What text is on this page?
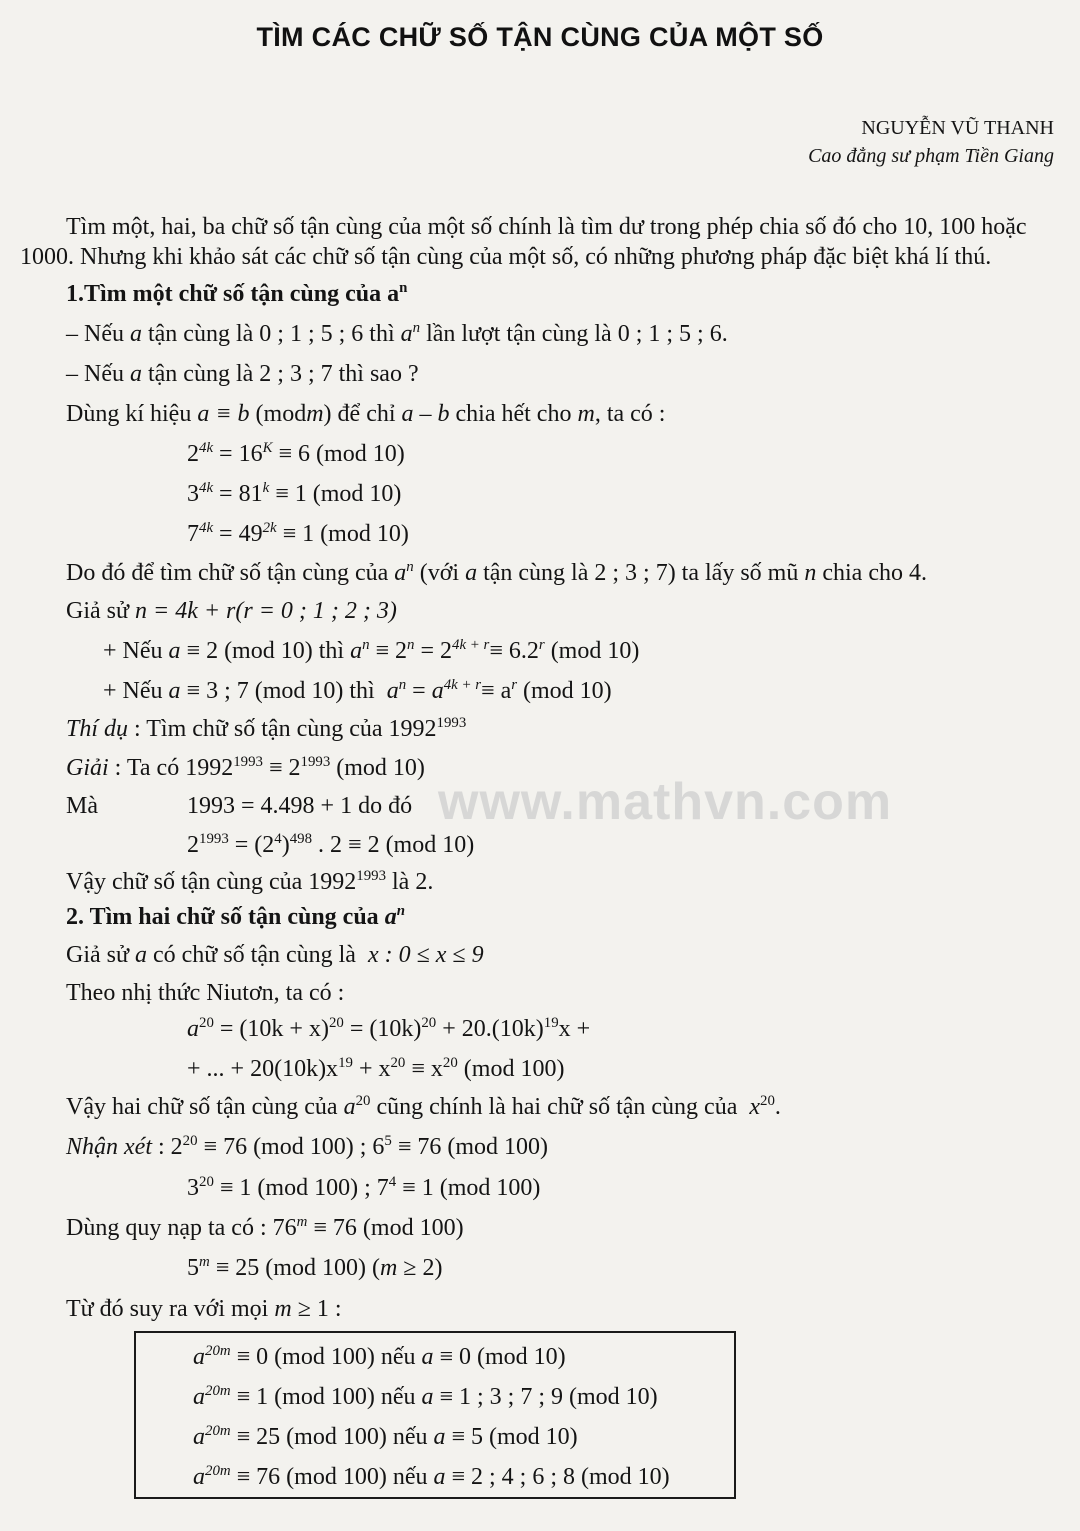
www.mathvn.com
TÌM CÁC CHỮ SỐ TẬN CÙNG CỦA MỘT SỐ
NGUYỄN VŨ THANH
Cao đẳng sư phạm Tiền Giang
Tìm một, hai, ba chữ số tận cùng của một số chính là tìm dư trong phép chia số đó cho 10, 100 hoặc
1000. Nhưng khi khảo sát các chữ số tận cùng của một số, có những phương pháp đặc biệt khá lí thú.
1.Tìm một chữ số tận cùng của $a^n$
– Nếu a tận cùng là 0 ; 1 ; 5 ; 6 thì $a^n$ lần lượt tận cùng là 0 ; 1 ; 5 ; 6.
– Nếu a tận cùng là 2 ; 3 ; 7 thì sao ?
Dùng kí hiệu a ≡ b (modm) để chỉ a – b chia hết cho m, ta có :
$2^{4k} = 16^K \equiv 6$ (mod 10)
$3^{4k} = 81^k \equiv 1$ (mod 10)
$7^{4k} = 49^{2k} \equiv 1$ (mod 10)
Do đó để tìm chữ số tận cùng của $a^n$ (với a tận cùng là 2 ; 3 ; 7) ta lấy số mũ n chia cho 4.
Giả sử n = 4k + r(r = 0 ; 1 ; 2 ; 3)
+ Nếu a ≡ 2 (mod 10) thì $a^n \equiv 2^n = 2^{4k + r}\equiv 6.2^r$ (mod 10)
+ Nếu a ≡ 3 ; 7 (mod 10) thì $a^n = a^{4k + r}\equiv a^r$ (mod 10)
Thí dụ : Tìm chữ số tận cùng của $1992^{1993}$
Giải : Ta có $1992^{1993} \equiv 2^{1993}$ (mod 10)
Mà	1993 = 4.498 + 1 do đó
$2^{1993} = (2^4)^{498}$ . 2 ≡ 2 (mod 10)
Vậy chữ số tận cùng của $1992^{1993}$ là 2.
2. Tìm hai chữ số tận cùng của $a^n$
Giả sử a có chữ số tận cùng là x : 0 ≤ x ≤ 9
Theo nhị thức Niutơn, ta có :
$a^{20} = (10k + x)^{20} = (10k)^{20} + 20.(10k)^{19}x$ +
+ ... + $20(10k)x^{19} + x^{20} \equiv x^{20}$ (mod 100)
Vậy hai chữ số tận cùng của $a^{20}$ cũng chính là hai chữ số tận cùng của $x^{20}$.
Nhận xét : $2^{20} \equiv 76$ (mod 100) ; $6^5 \equiv 76$ (mod 100)
$3^{20} \equiv 1$ (mod 100) ; $7^4 \equiv 1$ (mod 100)
Dùng quy nạp ta có : $76^m \equiv 76$ (mod 100)
$5^m \equiv 25$ (mod 100) (m ≥ 2)
Từ đó suy ra với mọi m ≥ 1 :
$a^{20m} \equiv 0$ (mod 100) nếu a ≡ 0 (mod 10)
$a^{20m} \equiv 1$ (mod 100) nếu a ≡ 1 ; 3 ; 7 ; 9 (mod 10)
$a^{20m} \equiv 25$ (mod 100) nếu a ≡ 5 (mod 10)
$a^{20m} \equiv 76$ (mod 100) nếu a ≡ 2 ; 4 ; 6 ; 8 (mod 10)
